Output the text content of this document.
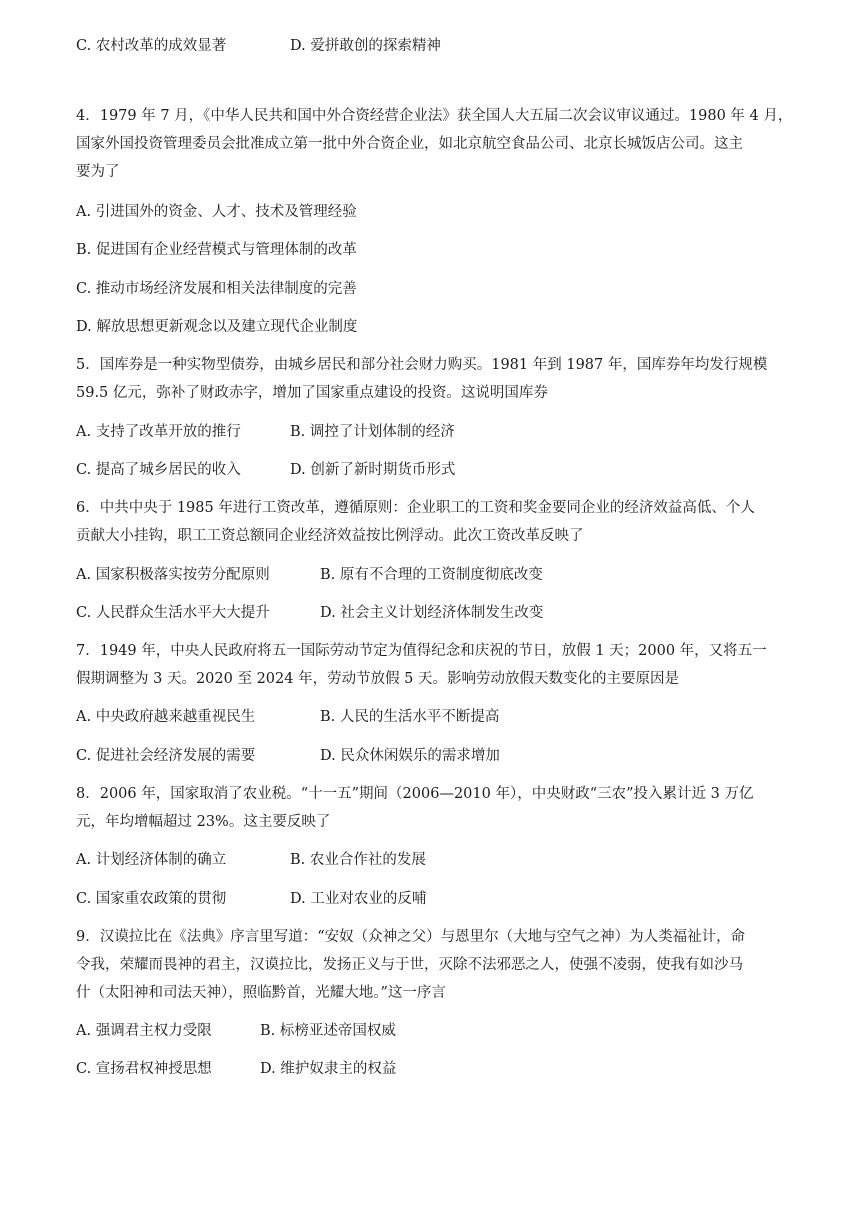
C. 农村改革的成效显著	D. 爱拼敢创的探索精神
4．1979 年 7 月，《中华人民共和国中外合资经营企业法》获全国人大五届二次会议审议通过。1980 年 4 月，
国家外国投资管理委员会批准成立第一批中外合资企业，如北京航空食品公司、北京长城饭店公司。这主
要为了
A. 引进国外的资金、人才、技术及管理经验
B. 促进国有企业经营模式与管理体制的改革
C. 推动市场经济发展和相关法律制度的完善
D. 解放思想更新观念以及建立现代企业制度
5．国库券是一种实物型债券，由城乡居民和部分社会财力购买。1981 年到 1987 年，国库券年均发行规模
59.5 亿元，弥补了财政赤字，增加了国家重点建设的投资。这说明国库券
A. 支持了改革开放的推行	B. 调控了计划体制的经济
C. 提高了城乡居民的收入	D. 创新了新时期货币形式
6．中共中央于 1985 年进行工资改革，遵循原则：企业职工的工资和奖金要同企业的经济效益高低、个人
贡献大小挂钩，职工工资总额同企业经济效益按比例浮动。此次工资改革反映了
A. 国家积极落实按劳分配原则	B. 原有不合理的工资制度彻底改变
C. 人民群众生活水平大大提升	D. 社会主义计划经济体制发生改变
7．1949 年，中央人民政府将五一国际劳动节定为值得纪念和庆祝的节日，放假 1 天；2000 年，又将五一
假期调整为 3 天。2020 至 2024 年，劳动节放假 5 天。影响劳动放假天数变化的主要原因是
A. 中央政府越来越重视民生	B. 人民的生活水平不断提高
C. 促进社会经济发展的需要	D. 民众休闲娱乐的需求增加
8．2006 年，国家取消了农业税。“十一五”期间（2006—2010 年），中央财政“三农”投入累计近 3 万亿
元，年均增幅超过 23%。这主要反映了
A. 计划经济体制的确立	B. 农业合作社的发展
C. 国家重农政策的贯彻	D. 工业对农业的反哺
9．汉谟拉比在《法典》序言里写道：“安奴（众神之父）与恩里尔（大地与空气之神）为人类福祉计，命
令我，荣耀而畏神的君主，汉谟拉比，发扬正义与于世，灭除不法邪恶之人，使强不凌弱，使我有如沙马
什（太阳神和司法天神），照临黔首，光耀大地。”这一序言
A. 强调君主权力受限	B. 标榜亚述帝国权威
C. 宣扬君权神授思想	D. 维护奴隶主的权益
